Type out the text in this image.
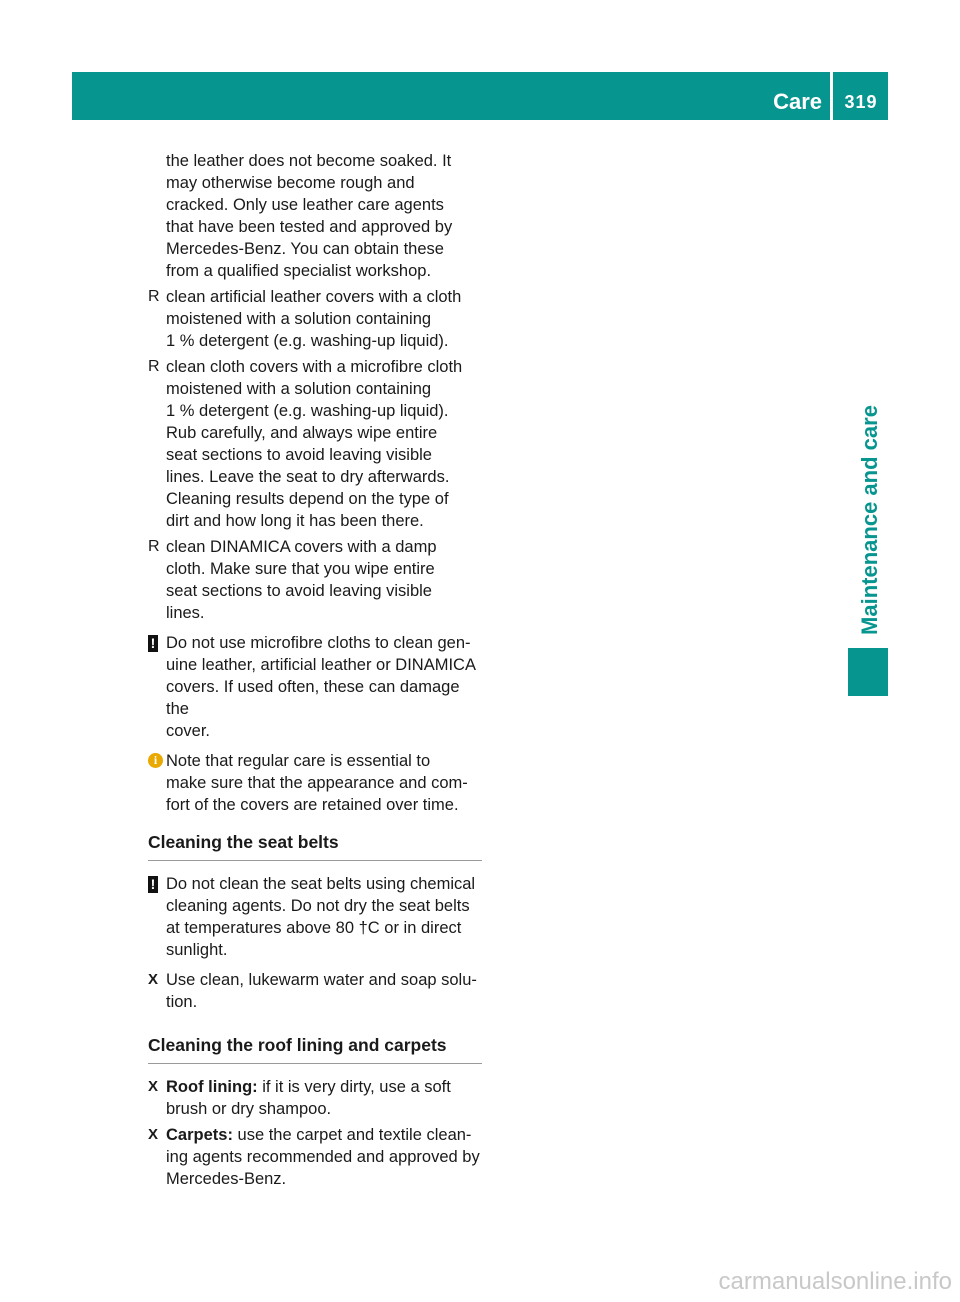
Care	319
Maintenance and care
the leather does not become soaked. It
may otherwise become rough and
cracked. Only use leather care agents
that have been tested and approved by
Mercedes-Benz. You can obtain these
from a qualified specialist workshop.
R clean artificial leather covers with a cloth
moistened with a solution containing
1 % detergent (e.g. washing-up liquid).
R clean cloth covers with a microfibre cloth
moistened with a solution containing
1 % detergent (e.g. washing-up liquid).
Rub carefully, and always wipe entire
seat sections to avoid leaving visible
lines. Leave the seat to dry afterwards.
Cleaning results depend on the type of
dirt and how long it has been there.
R clean DINAMICA covers with a damp
cloth. Make sure that you wipe entire
seat sections to avoid leaving visible
lines.
! Do not use microfibre cloths to clean gen-
uine leather, artificial leather or DINAMICA
covers. If used often, these can damage the
cover.
i Note that regular care is essential to
make sure that the appearance and com-
fort of the covers are retained over time.
Cleaning the seat belts
! Do not clean the seat belts using chemical
cleaning agents. Do not dry the seat belts
at temperatures above 80 †C or in direct
sunlight.
X Use clean, lukewarm water and soap solu-
tion.
Cleaning the roof lining and carpets
X Roof lining: if it is very dirty, use a soft
brush or dry shampoo.
X Carpets: use the carpet and textile clean-
ing agents recommended and approved by
Mercedes-Benz.
carmanualsonline.info
